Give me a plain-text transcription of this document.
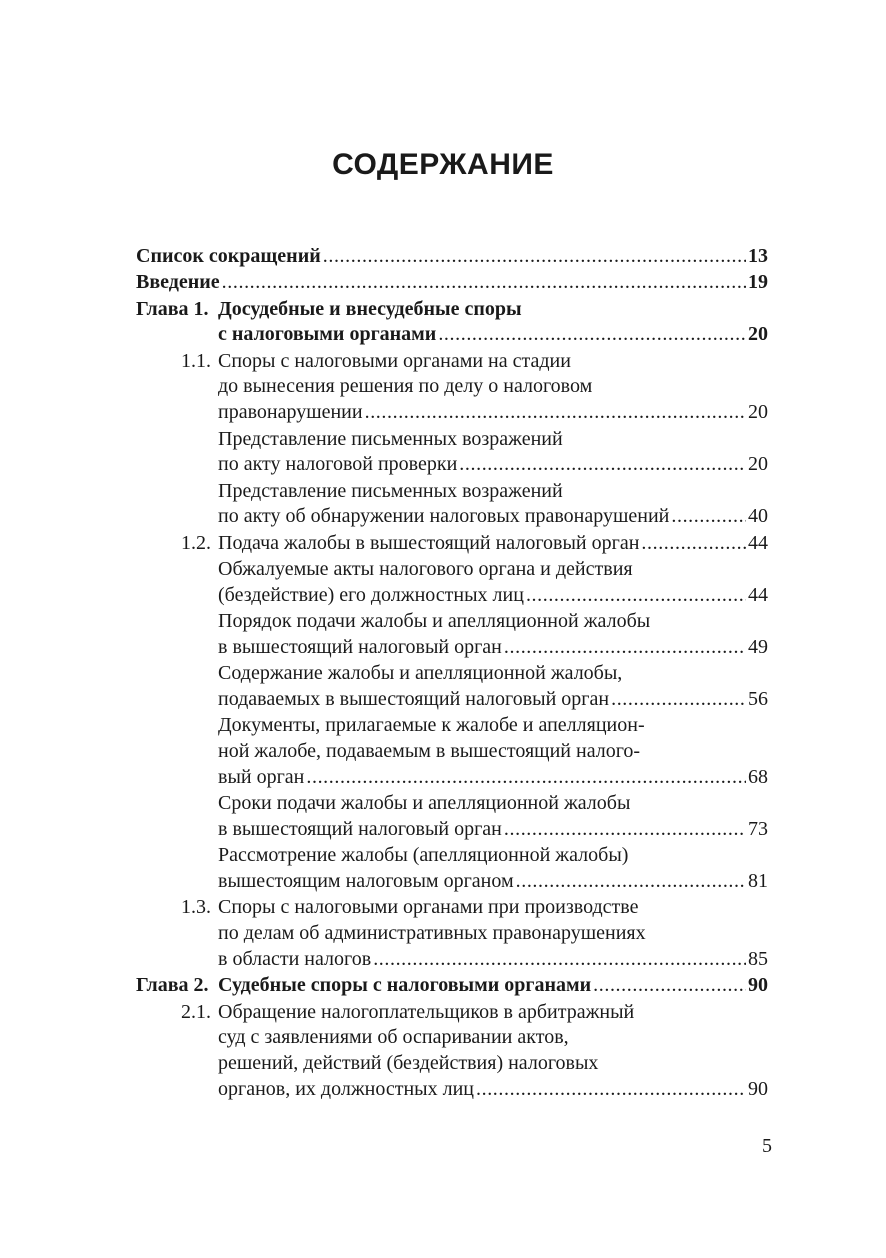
СОДЕРЖАНИЕ
Список сокращений .....	13
Введение .....	19
Глава 1. Досудебные и внесудебные споры
с налоговыми органами .....	20
1.1. Споры с налоговыми органами на стадии
до вынесения решения по делу о налоговом
правонарушении .....	20
Представление письменных возражений
по акту налоговой проверки .....	20
Представление письменных возражений
по акту об обнаружении налоговых правонарушений .....	40
1.2. Подача жалобы в вышестоящий налоговый орган .....	44
Обжалуемые акты налогового органа и действия
(бездействие) его должностных лиц .....	44
Порядок подачи жалобы и апелляционной жалобы
в вышестоящий налоговый орган .....	49
Содержание жалобы и апелляционной жалобы,
подаваемых в вышестоящий налоговый орган .....	56
Документы, прилагаемые к жалобе и апелляцион-
ной жалобе, подаваемым в вышестоящий налого-
вый орган .....	68
Сроки подачи жалобы и апелляционной жалобы
в вышестоящий налоговый орган .....	73
Рассмотрение жалобы (апелляционной жалобы)
вышестоящим налоговым органом .....	81
1.3. Споры с налоговыми органами при производстве
по делам об административных правонарушениях
в области налогов .....	85
Глава 2. Судебные споры с налоговыми органами .....	90
2.1. Обращение налогоплательщиков в арбитражный
суд с заявлениями об оспаривании актов,
решений, действий (бездействия) налоговых
органов, их должностных лиц .....	90
5
